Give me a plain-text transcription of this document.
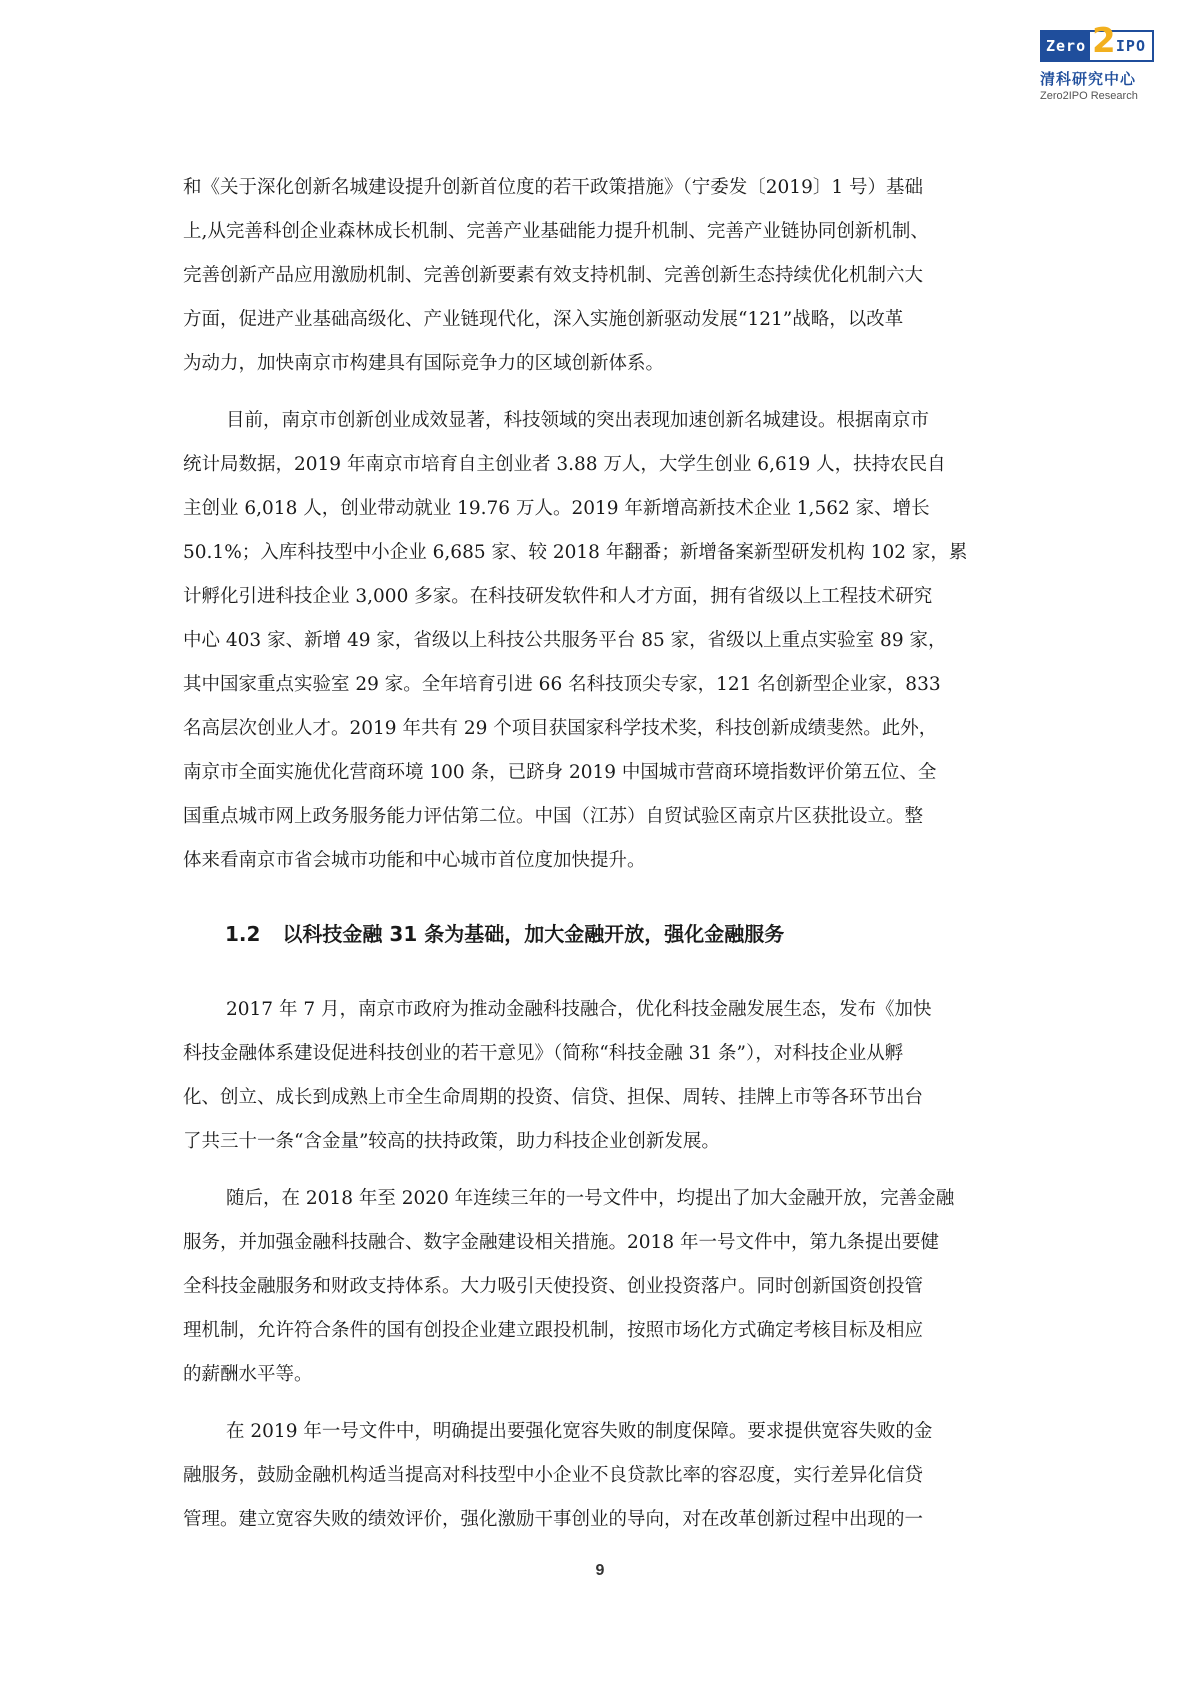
Zero 2 IPO
清科研究中心
Zero2IPO Research
和《关于深化创新名城建设提升创新首位度的若干政策措施》（宁委发〔2019〕1 号）基础
上,从完善科创企业森林成长机制、完善产业基础能力提升机制、完善产业链协同创新机制、
完善创新产品应用激励机制、完善创新要素有效支持机制、完善创新生态持续优化机制六大
方面，促进产业基础高级化、产业链现代化，深入实施创新驱动发展“121”战略，以改革
为动力，加快南京市构建具有国际竞争力的区域创新体系。
目前，南京市创新创业成效显著，科技领域的突出表现加速创新名城建设。根据南京市
统计局数据，2019 年南京市培育自主创业者 3.88 万人，大学生创业 6,619 人，扶持农民自
主创业 6,018 人，创业带动就业 19.76 万人。2019 年新增高新技术企业 1,562 家、增长
50.1%；入库科技型中小企业 6,685 家、较 2018 年翻番；新增备案新型研发机构 102 家，累
计孵化引进科技企业 3,000 多家。在科技研发软件和人才方面，拥有省级以上工程技术研究
中心 403 家、新增 49 家，省级以上科技公共服务平台 85 家，省级以上重点实验室 89 家，
其中国家重点实验室 29 家。全年培育引进 66 名科技顶尖专家，121 名创新型企业家，833
名高层次创业人才。2019 年共有 29 个项目获国家科学技术奖，科技创新成绩斐然。此外，
南京市全面实施优化营商环境 100 条，已跻身 2019 中国城市营商环境指数评价第五位、全
国重点城市网上政务服务能力评估第二位。中国（江苏）自贸试验区南京片区获批设立。整
体来看南京市省会城市功能和中心城市首位度加快提升。
1.2 以科技金融 31 条为基础，加大金融开放，强化金融服务
2017 年 7 月，南京市政府为推动金融科技融合，优化科技金融发展生态，发布《加快
科技金融体系建设促进科技创业的若干意见》（简称“科技金融 31 条”），对科技企业从孵
化、创立、成长到成熟上市全生命周期的投资、信贷、担保、周转、挂牌上市等各环节出台
了共三十一条“含金量”较高的扶持政策，助力科技企业创新发展。
随后，在 2018 年至 2020 年连续三年的一号文件中，均提出了加大金融开放，完善金融
服务，并加强金融科技融合、数字金融建设相关措施。2018 年一号文件中，第九条提出要健
全科技金融服务和财政支持体系。大力吸引天使投资、创业投资落户。同时创新国资创投管
理机制，允许符合条件的国有创投企业建立跟投机制，按照市场化方式确定考核目标及相应
的薪酬水平等。
在 2019 年一号文件中，明确提出要强化宽容失败的制度保障。要求提供宽容失败的金
融服务，鼓励金融机构适当提高对科技型中小企业不良贷款比率的容忍度，实行差异化信贷
管理。建立宽容失败的绩效评价，强化激励干事创业的导向，对在改革创新过程中出现的一
9
